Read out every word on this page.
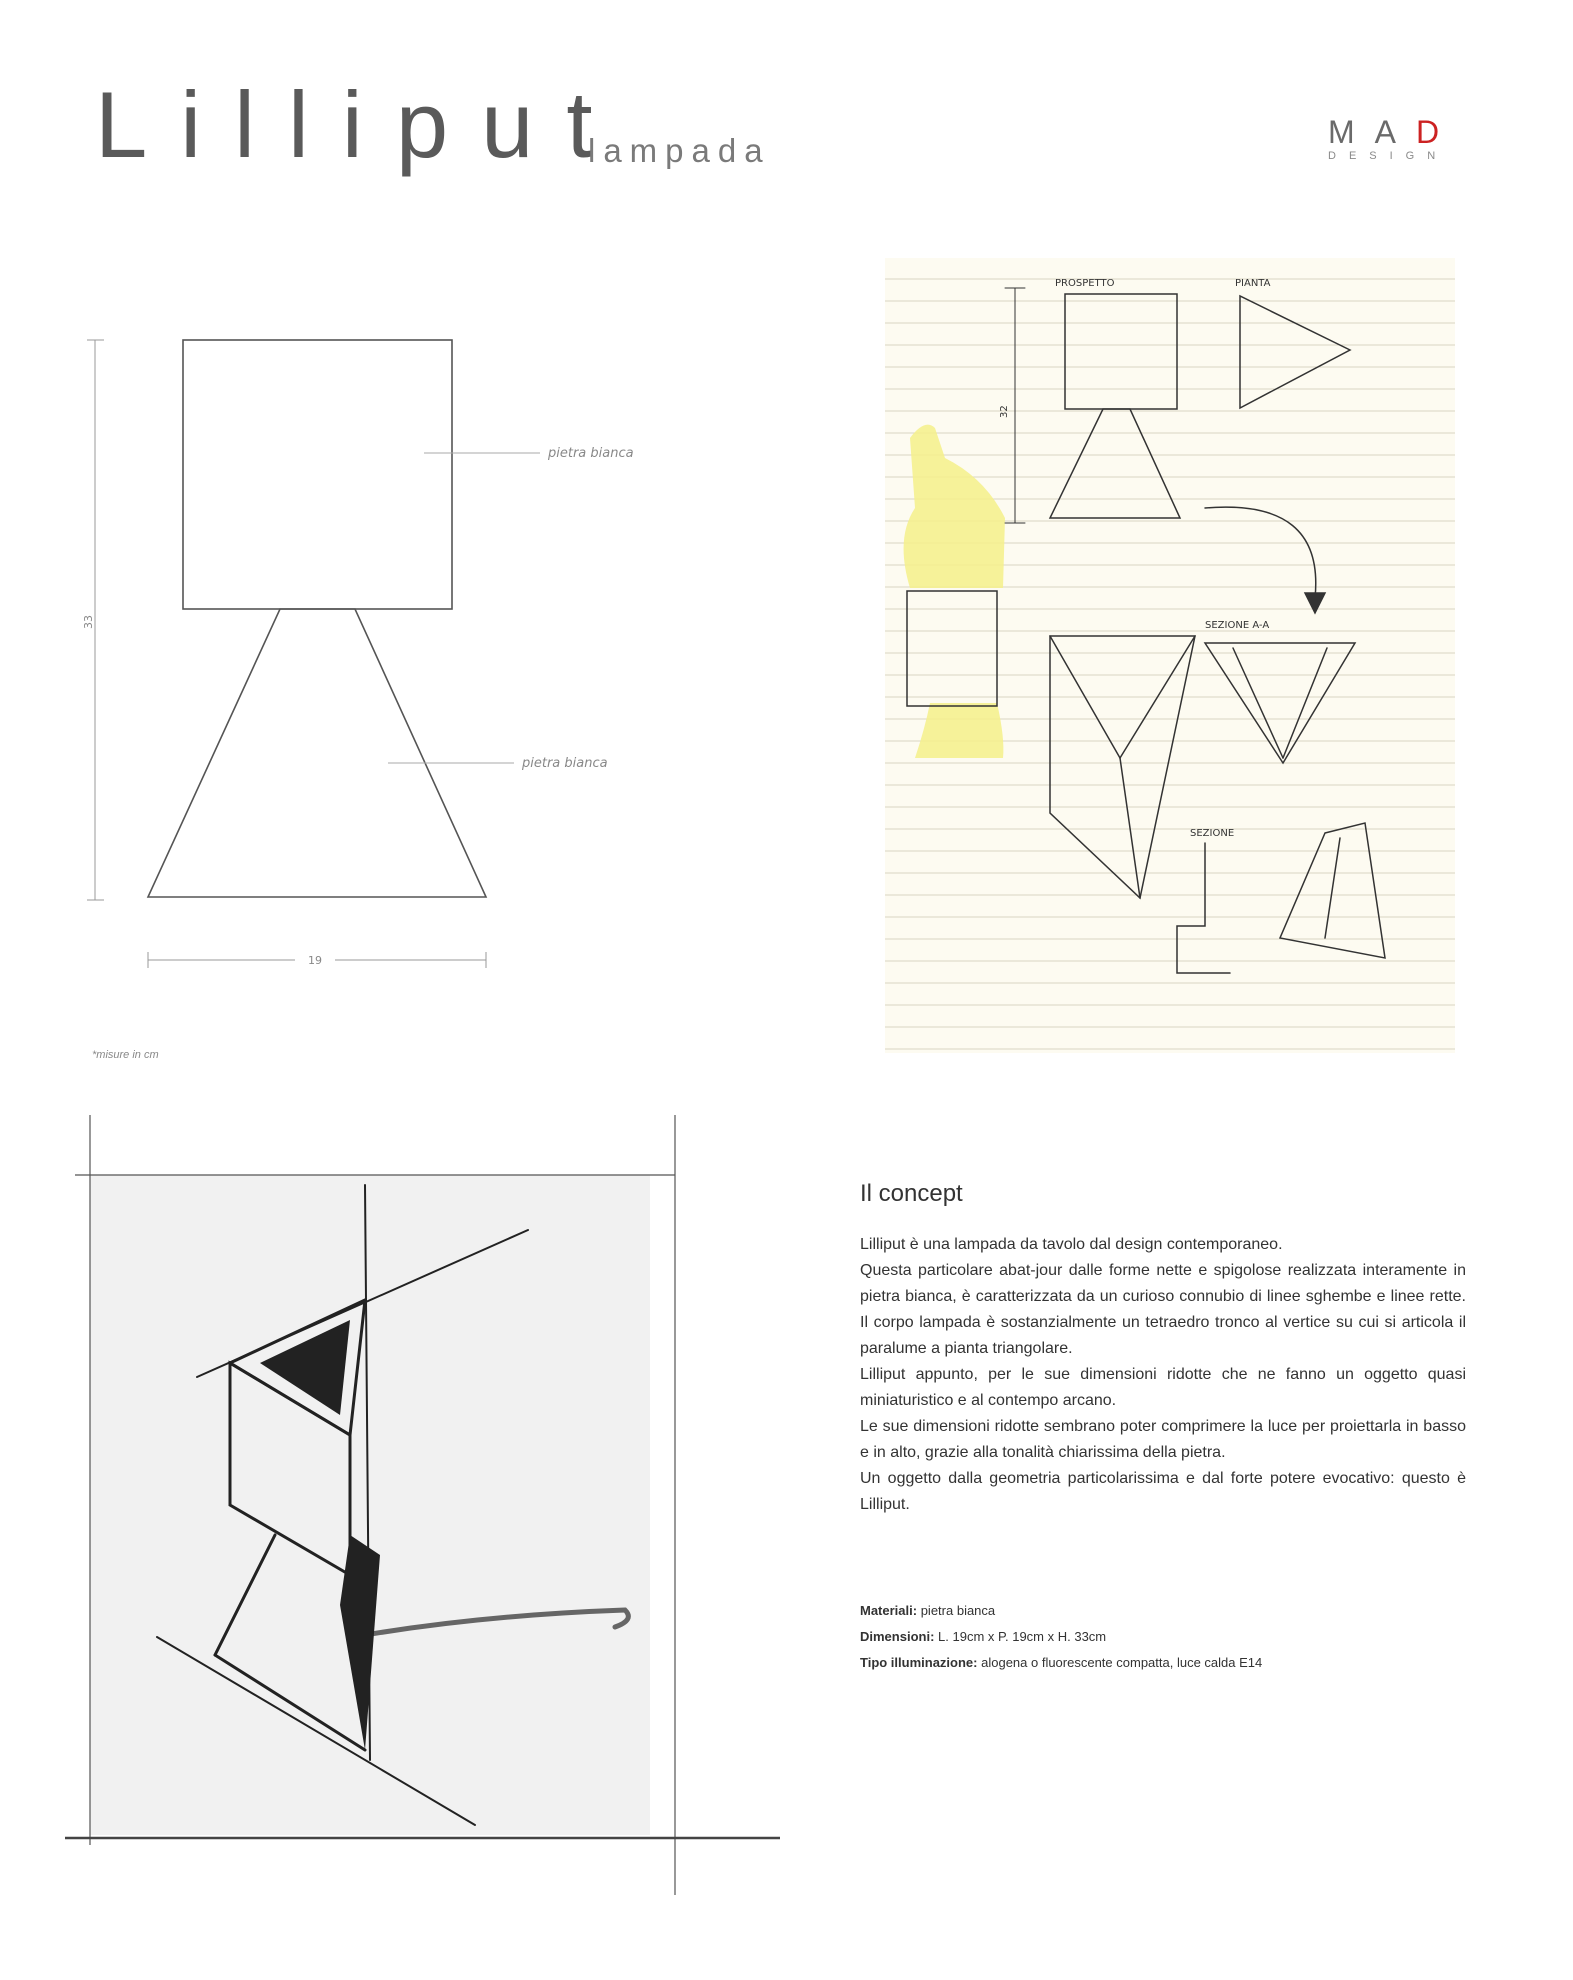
Lilliput
lampada	MAD
DESIGN
33
pietra bianca
pietra bianca
19
*misure in cm
PROSPETTO	PIANTA
SEZIONE A-A
SEZIONE
32
Il concept

Lilliput è una lampada da tavolo dal design contemporaneo.

Questa particolare abat-jour dalle forme nette e spigolose realizzata interamente in pietra bianca, è caratterizzata da un curioso connubio di linee sghembe e linee rette. Il corpo lampada è sostanzialmente un tetraedro tronco al vertice su cui si articola il paralume a pianta triangolare.

Lilliput appunto, per le sue dimensioni ridotte che ne fanno un oggetto quasi miniaturistico e al contempo arcano.

Le sue dimensioni ridotte sembrano poter comprimere la luce per proiettarla in basso e in alto, grazie alla tonalità chiarissima della pietra.

Un oggetto dalla geometria particolarissima e dal forte potere evocativo: questo è Lilliput.

Materiali: pietra bianca
Dimensioni: L. 19cm x P. 19cm x H. 33cm
Tipo illuminazione: alogena o fluorescente compatta, luce calda E14
